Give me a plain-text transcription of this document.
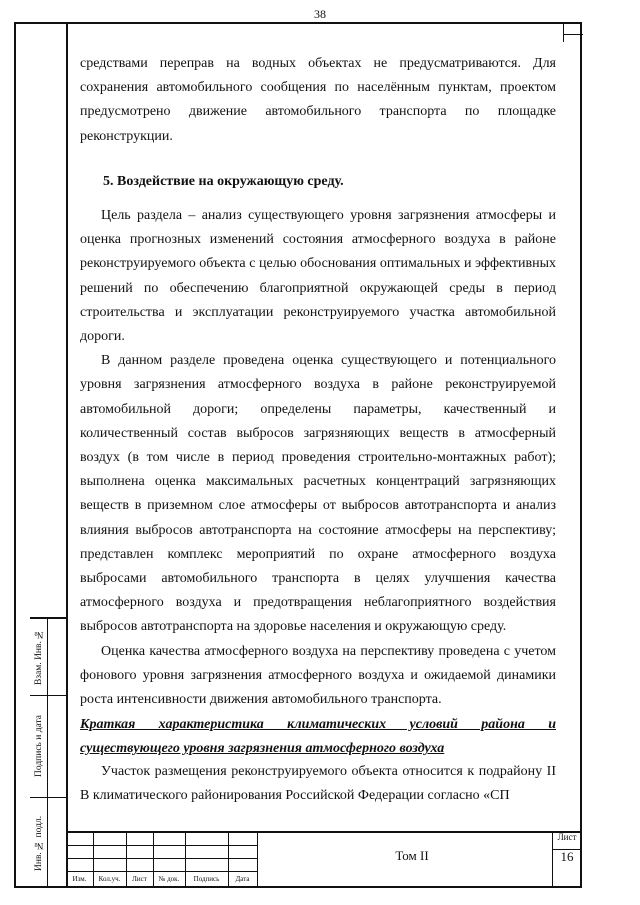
38

средствами переправ на водных объектах не предусматриваются. Для сохранения автомобильного сообщения по населённым пунктам, проектом предусмотрено движение автомобильного транспорта по площадке реконструкции.

5. Воздействие на окружающую среду.

Цель раздела – анализ существующего уровня загрязнения атмосферы и оценка прогнозных изменений состояния атмосферного воздуха в районе реконструируемого объекта с целью обоснования оптимальных и эффективных решений по обеспечению благоприятной окружающей среды в период строительства и эксплуатации реконструируемого участка автомобильной дороги.

В данном разделе проведена оценка существующего и потенциального уровня загрязнения атмосферного воздуха в районе реконструируемой автомобильной дороги; определены параметры, качественный и количественный состав выбросов загрязняющих веществ в атмосферный воздух (в том числе в период проведения строительно-монтажных работ); выполнена оценка максимальных расчетных концентраций загрязняющих веществ в приземном слое атмосферы от выбросов автотранспорта и анализ влияния выбросов автотранспорта на состояние атмосферы на перспективу; представлен комплекс мероприятий по охране атмосферного воздуха выбросами автомобильного транспорта в целях улучшения качества атмосферного воздуха и предотвращения неблагоприятного воздействия выбросов автотранспорта на здоровье населения и окружающую среду.

Оценка качества атмосферного воздуха на перспективу проведена с учетом фонового уровня загрязнения атмосферного воздуха и ожидаемой динамики роста интенсивности движения автомобильного транспорта.

Краткая характеристика климатических условий района и существующего уровня загрязнения атмосферного воздуха

Участок размещения реконструируемого объекта относится к подрайону II В климатического районирования Российской Федерации согласно «СП

Взам. Инв. №
Подпись и дата
Инв. № подл.
Изм.	Кол.уч.	Лист	№ док.	Подпись	Дата
Том II
Лист
16
